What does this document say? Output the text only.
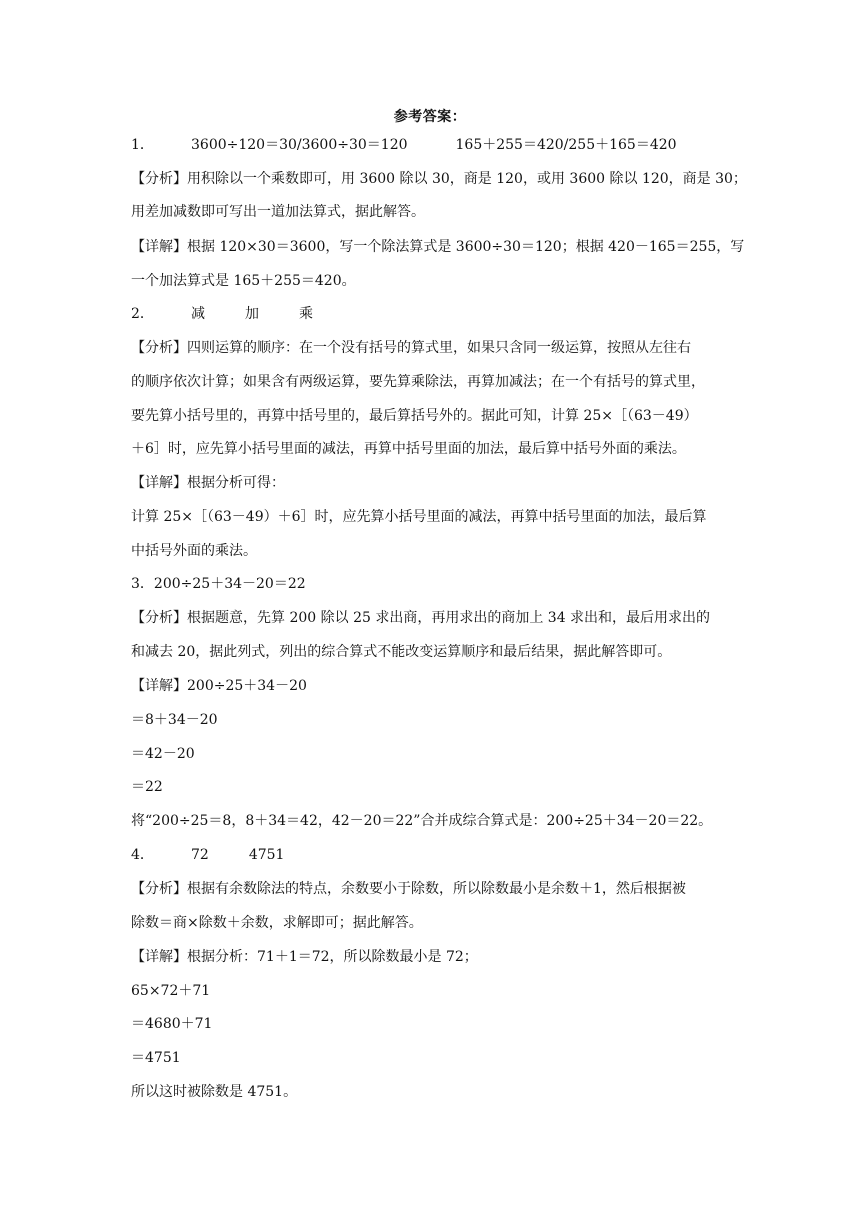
参考答案：
1．	3600÷120＝30/3600÷30＝120	165＋255＝420/255＋165＝420
【分析】用积除以一个乘数即可，用 3600 除以 30，商是 120，或用 3600 除以 120，商是 30；
用差加减数即可写出一道加法算式，据此解答。
【详解】根据 120×30＝3600，写一个除法算式是 3600÷30＝120；根据 420－165＝255，写
一个加法算式是 165＋255＝420。
2．	减	加	乘
【分析】四则运算的顺序：在一个没有括号的算式里，如果只含同一级运算，按照从左往右
的顺序依次计算；如果含有两级运算，要先算乘除法，再算加减法；在一个有括号的算式里，
要先算小括号里的，再算中括号里的，最后算括号外的。据此可知，计算 25×［（63－49）
＋6］时，应先算小括号里面的减法，再算中括号里面的加法，最后算中括号外面的乘法。
【详解】根据分析可得：
计算 25×［（63－49）＋6］时，应先算小括号里面的减法，再算中括号里面的加法，最后算
中括号外面的乘法。
3．200÷25＋34－20＝22
【分析】根据题意，先算 200 除以 25 求出商，再用求出的商加上 34 求出和，最后用求出的
和减去 20，据此列式，列出的综合算式不能改变运算顺序和最后结果，据此解答即可。
【详解】200÷25＋34－20
＝8＋34－20
＝42－20
＝22
将“200÷25＝8，8＋34＝42，42－20＝22”合并成综合算式是：200÷25＋34－20＝22。
4．	72	4751
【分析】根据有余数除法的特点，余数要小于除数，所以除数最小是余数＋1，然后根据被
除数＝商×除数＋余数，求解即可；据此解答。
【详解】根据分析：71＋1＝72，所以除数最小是 72；
65×72＋71
＝4680＋71
＝4751
所以这时被除数是 4751。
